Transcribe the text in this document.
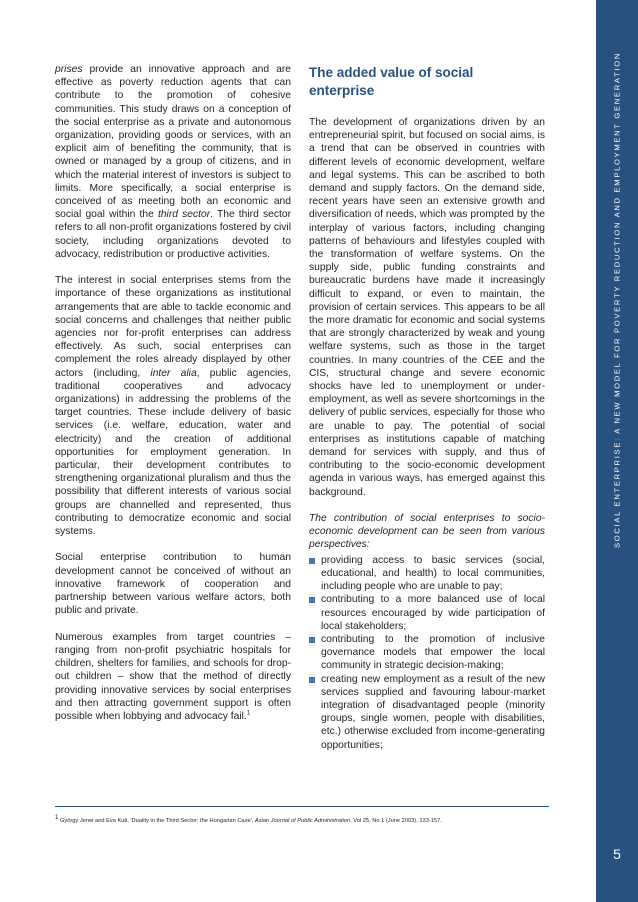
SOCIAL ENTERPRISE: A NEW MODEL FOR POVERTY REDUCTION AND EMPLOYMENT GENERATION
5

prises provide an innovative approach and are effective as poverty reduction agents that can contribute to the promotion of cohesive communities. This study draws on a conception of the social enterprise as a private and autonomous organization, providing goods or services, with an explicit aim of benefiting the community, that is owned or managed by a group of citizens, and in which the material interest of investors is subject to limits. More specifically, a social enterprise is conceived of as meeting both an economic and social goal within the third sector. The third sector refers to all non-profit organizations fostered by civil society, including organizations devoted to advocacy, redistribution or productive activities.

The interest in social enterprises stems from the importance of these organizations as institutional arrangements that are able to tackle economic and social concerns and challenges that neither public agencies nor for-profit enterprises can address effectively. As such, social enterprises can complement the roles already displayed by other actors (including, inter alia, public agencies, traditional cooperatives and advocacy organizations) in addressing the problems of the target countries. These include delivery of basic services (i.e. welfare, education, water and electricity) and the creation of additional opportunities for employment generation. In particular, their development contributes to strengthening organizational pluralism and thus the possibility that different interests of various social groups are channelled and represented, thus contributing to democratize economic and social systems.

Social enterprise contribution to human development cannot be conceived of without an innovative framework of cooperation and partnership between various welfare actors, both public and private.

Numerous examples from target countries – ranging from non-profit psychiatric hospitals for children, shelters for families, and schools for drop-out children – show that the method of directly providing innovative services by social enterprises and then attracting government support is often possible when lobbying and advocacy fail.$^1$

The added value of social enterprise

The development of organizations driven by an entrepreneurial spirit, but focused on social aims, is a trend that can be observed in countries with different levels of economic development, welfare and legal systems. This can be ascribed to both demand and supply factors. On the demand side, recent years have seen an extensive growth and diversification of needs, which was prompted by the interplay of various factors, including changing patterns of behaviours and lifestyles coupled with the transformation of welfare systems. On the supply side, public funding constraints and bureaucratic burdens have made it increasingly difficult to expand, or even to maintain, the provision of certain services. This appears to be all the more dramatic for economic and social systems that are strongly characterized by weak and young welfare systems, such as those in the target countries. In many countries of the CEE and the CIS, structural change and severe economic shocks have led to unemployment or under-employment, as well as severe shortcomings in the delivery of public services, especially for those who are unable to pay. The potential of social enterprises as institutions capable of matching demand for services with supply, and thus of contributing to the socio-economic development agenda in various ways, has emerged against this background.

The contribution of social enterprises to socio-economic development can be seen from various perspectives:

providing access to basic services (social, educational, and health) to local communities, including people who are unable to pay;
contributing to a more balanced use of local resources encouraged by wide participation of local stakeholders;
contributing to the promotion of inclusive governance models that empower the local community in strategic decision-making;
creating new employment as a result of the new services supplied and favouring labour-market integration of disadvantaged people (minority groups, single women, people with disabilities, etc.) otherwise excluded from income-generating opportunities;
$^1$ György Jenei and Eva Kuti, 'Duality in the Third Sector: the Hungarian Case', Asian Journal of Public Administration, Vol 25, No 1 (June 2003), 133-157.
